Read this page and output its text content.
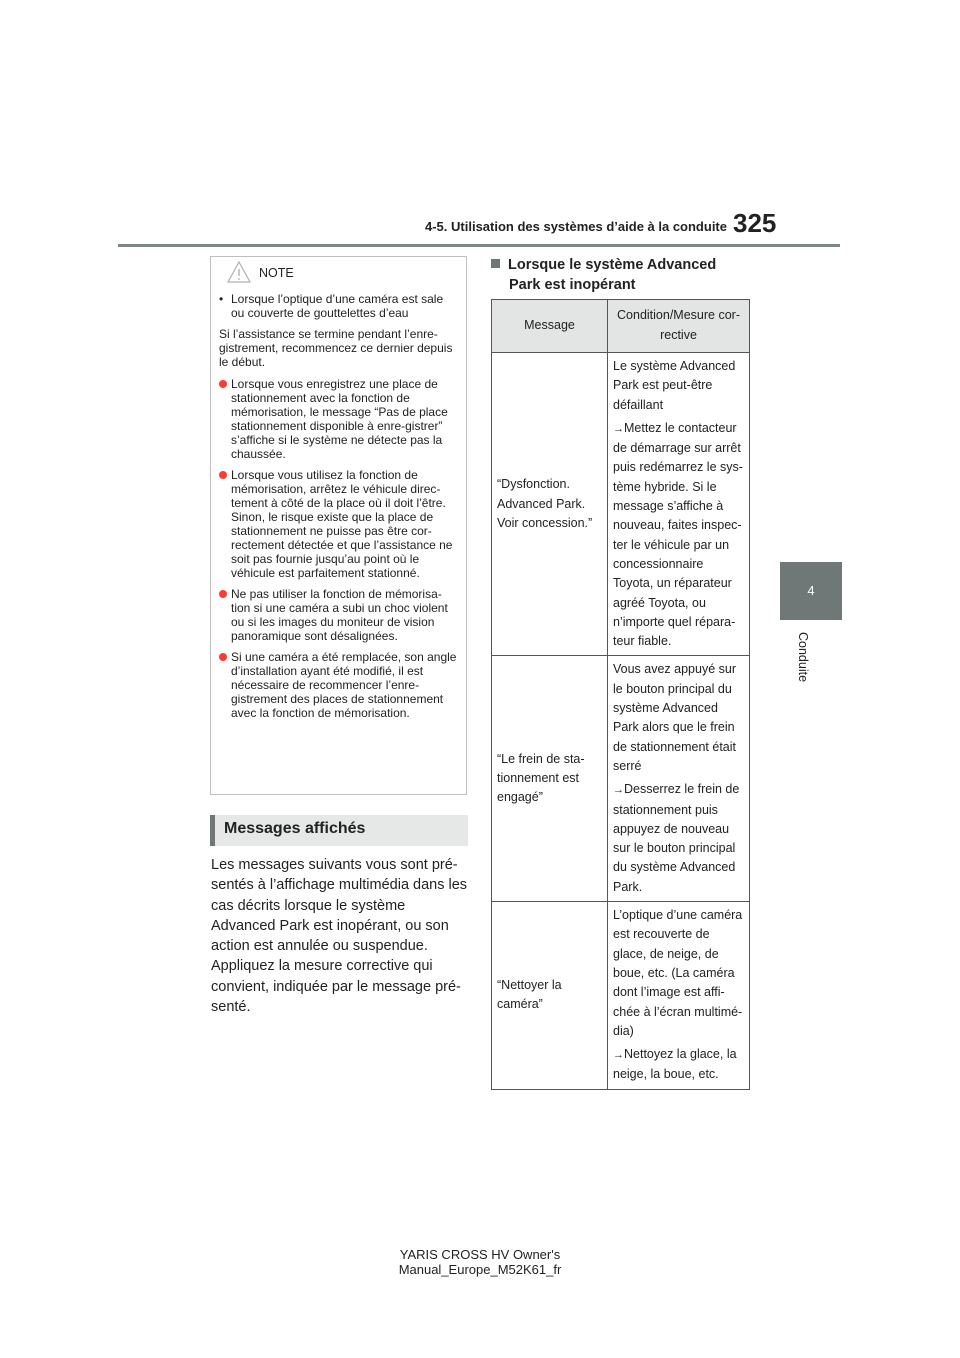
4-5. Utilisation des systèmes d’aide à la conduite 325
4
Conduite
NOTE
• Lorsque l’optique d’une caméra est sale ou couverte de gouttelettes d’eau

Si l’assistance se termine pendant l’enre-gistrement, recommencez ce dernier depuis le début.

Lorsque vous enregistrez une place de stationnement avec la fonction de mémorisation, le message “Pas de place stationnement disponible à enre-gistrer” s’affiche si le système ne détecte pas la chaussée.
Lorsque vous utilisez la fonction de mémorisation, arrêtez le véhicule direc-tement à côté de la place où il doit l’être. Sinon, le risque existe que la place de stationnement ne puisse pas être cor-rectement détectée et que l’assistance ne soit pas fournie jusqu’au point où le véhicule est parfaitement stationné.
Ne pas utiliser la fonction de mémorisa-tion si une caméra a subi un choc violent ou si les images du moniteur de vision panoramique sont désalignées.
Si une caméra a été remplacée, son angle d’installation ayant été modifié, il est nécessaire de recommencer l’enre-gistrement des places de stationnement avec la fonction de mémorisation.
Messages affichés
Les messages suivants vous sont pré-sentés à l’affichage multimédia dans les cas décrits lorsque le système Advanced Park est inopérant, ou son action est annulée ou suspendue. Appliquez la mesure corrective qui convient, indiquée par le message pré-senté.
Lorsque le système Advanced
Park est inopérant
Message	Condition/Mesure cor-rective
“Dysfonction. Advanced Park. Voir concession.”	Le système Advanced Park est peut-être défaillant

→Mettez le contacteur de démarrage sur arrêt puis redémarrez le sys-tème hybride. Si le message s’affiche à nouveau, faites inspec-ter le véhicule par un concessionnaire Toyota, un réparateur agréé Toyota, ou n’importe quel répara-teur fiable.

“Le frein de sta-tionnement est engagé”	Vous avez appuyé sur le bouton principal du système Advanced Park alors que le frein de stationnement était serré

→Desserrez le frein de stationnement puis appuyez de nouveau sur le bouton principal du système Advanced Park.

“Nettoyer la caméra”	L’optique d’une caméra est recouverte de glace, de neige, de boue, etc. (La caméra dont l’image est affi-chée à l’écran multimé-dia)

→Nettoyez la glace, la neige, la boue, etc.

YARIS CROSS HV Owner's Manual_Europe_M52K61_fr
